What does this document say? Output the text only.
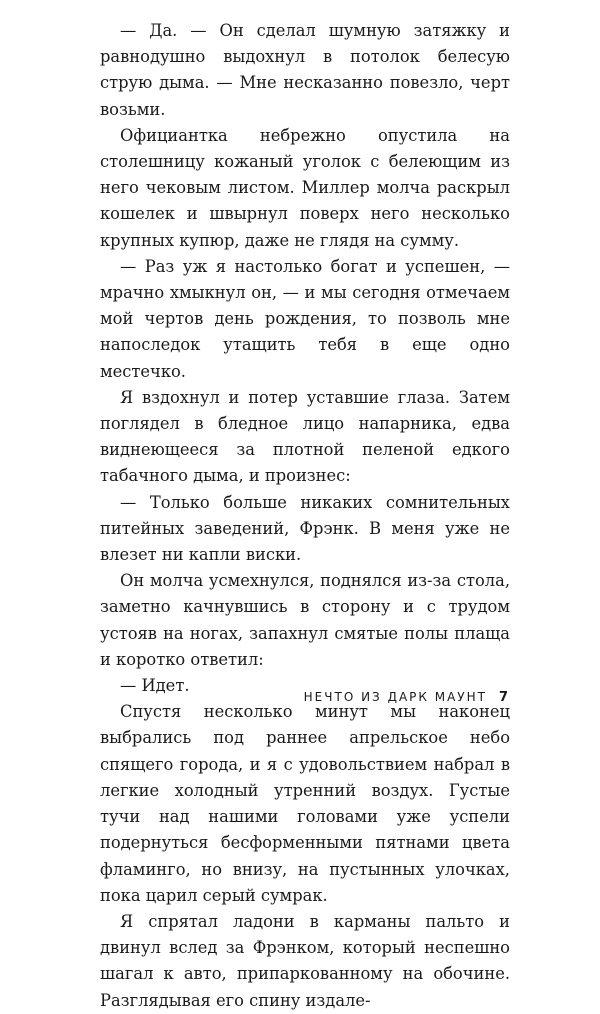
— Да. — Он сделал шумную затяжку и равнодушно выдохнул в потолок белесую струю дыма. — Мне несказанно повезло, черт возьми.

Официантка небрежно опустила на столешницу кожаный уголок с белеющим из него чековым листом. Миллер молча раскрыл кошелек и швырнул поверх него несколько крупных купюр, даже не глядя на сумму.

— Раз уж я настолько богат и успешен, — мрачно хмыкнул он, — и мы сегодня отмечаем мой чертов день рождения, то позволь мне напоследок утащить тебя в еще одно местечко.

Я вздохнул и потер уставшие глаза. Затем поглядел в бледное лицо напарника, едва виднеющееся за плотной пеленой едкого табачного дыма, и произнес:

— Только больше никаких сомнительных питейных заведений, Фрэнк. В меня уже не влезет ни капли виски.

Он молча усмехнулся, поднялся из-за стола, заметно качнувшись в сторону и с трудом устояв на ногах, запахнул смятые полы плаща и коротко ответил:

— Идет.

Спустя несколько минут мы наконец выбрались под раннее апрельское небо спящего города, и я с удовольствием набрал в легкие холодный утренний воздух. Густые тучи над нашими головами уже успели подернуться бесформенными пятнами цвета фламинго, но внизу, на пустынных улочках, пока царил серый сумрак.

Я спрятал ладони в карманы пальто и двинул вслед за Фрэнком, который неспешно шагал к авто, припаркованному на обочине. Разглядывая его спину издале-

НЕЧТО ИЗ ДАРК МАУНТ 7
